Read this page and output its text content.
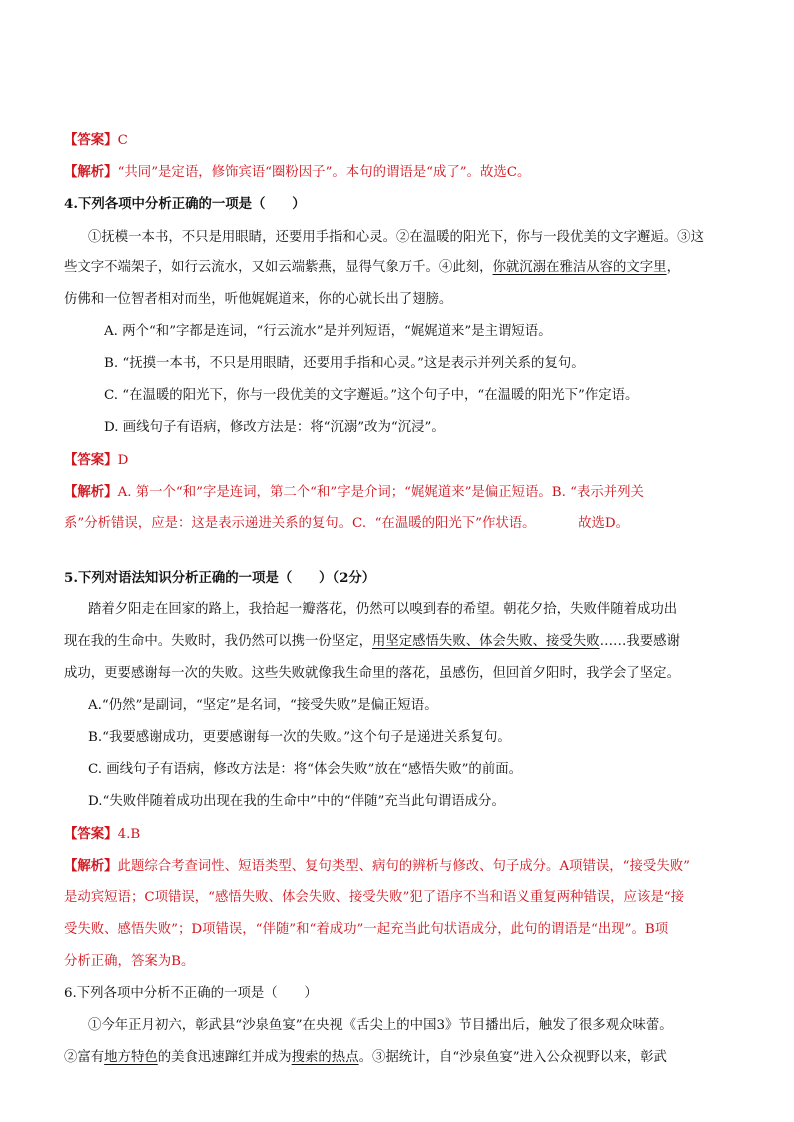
【答案】C
【解析】“共同”是定语，修饰宾语“圈粉因子”。本句的谓语是“成了”。故选C。
4.下列各项中分析正确的一项是（　　）
①抚模一本书，不只是用眼睛，还要用手指和心灵。②在温暖的阳光下，你与一段优美的文字邂逅。③这
些文字不端架子，如行云流水，又如云端紫燕，显得气象万千。④此刻，你就沉溺在雅洁从容的文字里，
仿佛和一位智者相对而坐，听他娓娓道来，你的心就长出了翅膀。
A. 两个“和”字都是连词，“行云流水”是并列短语，“娓娓道来”是主谓短语。
B. “抚摸一本书，不只是用眼睛，还要用手指和心灵。”这是表示并列关系的复句。
C. “在温暖的阳光下，你与一段优美的文字邂逅。”这个句子中，“在温暖的阳光下”作定语。
D. 画线句子有语病，修改方法是：将“沉溺”改为“沉浸”。
【答案】D
【解析】A. 第一个“和”字是连词，第二个“和”字是介词；“娓娓道来”是偏正短语。B. “表示并列关
系”分析错误，应是：这是表示递进关系的复句。C.  “在温暖的阳光下”作状语。          故选D。
5.下列对语法知识分析正确的一项是（　　）（2分）
踏着夕阳走在回家的路上，我拾起一瓣落花，仍然可以嗅到春的希望。朝花夕拾，失败伴随着成功出
现在我的生命中。失败时，我仍然可以携一份坚定，用坚定感悟失败、体会失败、接受失败……我要感谢
成功，更要感谢每一次的失败。这些失败就像我生命里的落花，虽感伤，但回首夕阳时，我学会了坚定。
A.“仍然”是副词，“坚定”是名词，“接受失败”是偏正短语。
B.“我要感谢成功，更要感谢每一次的失败。”这个句子是递进关系复句。
C. 画线句子有语病，修改方法是：将“体会失败”放在“感悟失败”的前面。
D.“失败伴随着成功出现在我的生命中”中的“伴随”充当此句谓语成分。
【答案】4.B
【解析】此题综合考查词性、短语类型、复句类型、病句的辨析与修改、句子成分。A项错误，“接受失败”
是动宾短语；C项错误，“感悟失败、体会失败、接受失败”犯了语序不当和语义重复两种错误，应该是“接
受失败、感悟失败”；D项错误，“伴随”和“着成功”一起充当此句状语成分，此句的谓语是“出现”。B项
分析正确，答案为B。
6.下列各项中分析不正确的一项是（　　）
①今年正月初六，彰武县“沙泉鱼宴”在央视《舌尖上的中国3》节目播出后，触发了很多观众味蕾。
②富有地方特色的美食迅速蹿红并成为搜索的热点。③据统计，自“沙泉鱼宴”进入公众视野以来，彰武
